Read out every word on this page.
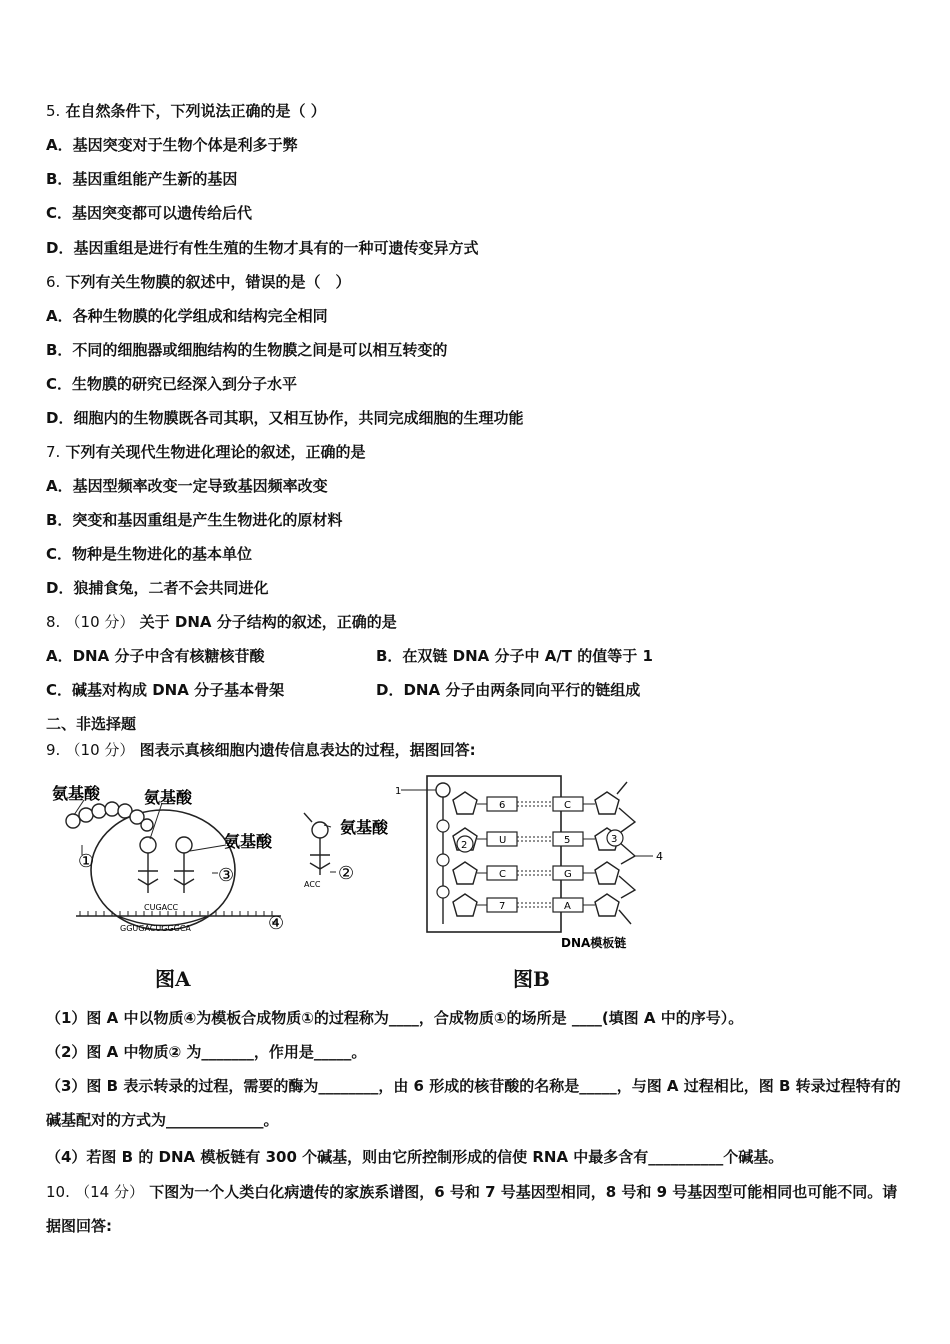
5. 在自然条件下，下列说法正确的是（ ）
A．基因突变对于生物个体是利多于弊
B．基因重组能产生新的基因
C．基因突变都可以遗传给后代
D．基因重组是进行有性生殖的生物才具有的一种可遗传变异方式
6. 下列有关生物膜的叙述中，错误的是（　）
A．各种生物膜的化学组成和结构完全相同
B．不同的细胞器或细胞结构的生物膜之间是可以相互转变的
C．生物膜的研究已经深入到分子水平
D．细胞内的生物膜既各司其职，又相互协作，共同完成细胞的生理功能
7. 下列有关现代生物进化理论的叙述，正确的是
A．基因型频率改变一定导致基因频率改变
B．突变和基因重组是产生生物进化的原材料
C．物种是生物进化的基本单位
D．狼捕食兔，二者不会共同进化
8. （10 分） 关于 DNA 分子结构的叙述，正确的是
A．DNA 分子中含有核糖核苷酸	B．在双链 DNA 分子中 A/T 的值等于 1
C．碱基对构成 DNA 分子基本骨架	D．DNA 分子由两条同向平行的链组成
二、非选择题
9. （10 分） 图表示真核细胞内遗传信息表达的过程，据图回答:
氨基酸	氨基酸
氨基酸
氨基酸
①
②
③
④
CUGACC
GGUGACUGGGCA
ACC
图A
1
4
2
3
6
U
C
7
C
5
G
A
DNA模板链
图B
（1）图 A 中以物质④为模板合成物质①的过程称为____，合成物质①的场所是 ____(填图 A 中的序号）。
（2）图 A 中物质② 为_______，作用是_____。
（3）图 B 表示转录的过程，需要的酶为________，由 6 形成的核苷酸的名称是_____，与图 A 过程相比，图 B 转录过程特有的碱基配对的方式为_____________。
（4）若图 B 的 DNA 模板链有 300 个碱基，则由它所控制形成的信使 RNA 中最多含有__________个碱基。
10. （14 分） 下图为一个人类白化病遗传的家族系谱图，6 号和 7 号基因型相同，8 号和 9 号基因型可能相同也可能不同。请据图回答:
